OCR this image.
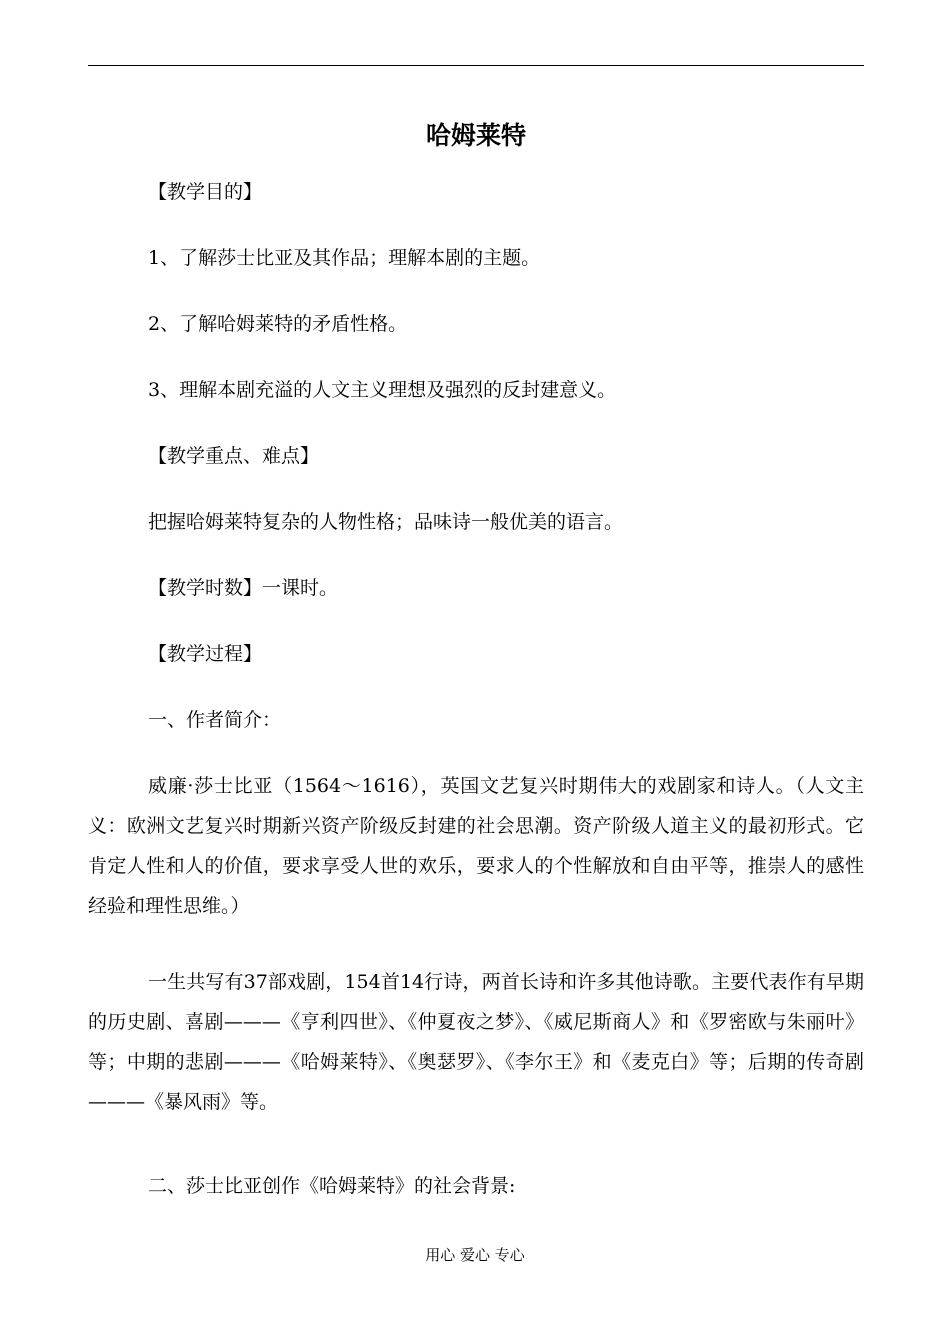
哈姆莱特

【教学目的】

1、了解莎士比亚及其作品；理解本剧的主题。

2、了解哈姆莱特的矛盾性格。

3、理解本剧充溢的人文主义理想及强烈的反封建意义。

【教学重点、难点】

把握哈姆莱特复杂的人物性格；品味诗一般优美的语言。

【教学时数】一课时。

【教学过程】

一、作者简介：

威廉·莎士比亚（1564～1616），英国文艺复兴时期伟大的戏剧家和诗人。（人文主义：欧洲文艺复兴时期新兴资产阶级反封建的社会思潮。资产阶级人道主义的最初形式。它肯定人性和人的价值，要求享受人世的欢乐，要求人的个性解放和自由平等，推崇人的感性经验和理性思维。）

一生共写有37部戏剧，154首14行诗，两首长诗和许多其他诗歌。主要代表作有早期的历史剧、喜剧———《亨利四世》、《仲夏夜之梦》、《威尼斯商人》和《罗密欧与朱丽叶》等；中期的悲剧———《哈姆莱特》、《奥瑟罗》、《李尔王》和《麦克白》等；后期的传奇剧———《暴风雨》等。

二、莎士比亚创作《哈姆莱特》的社会背景:

用心 爱心 专心
